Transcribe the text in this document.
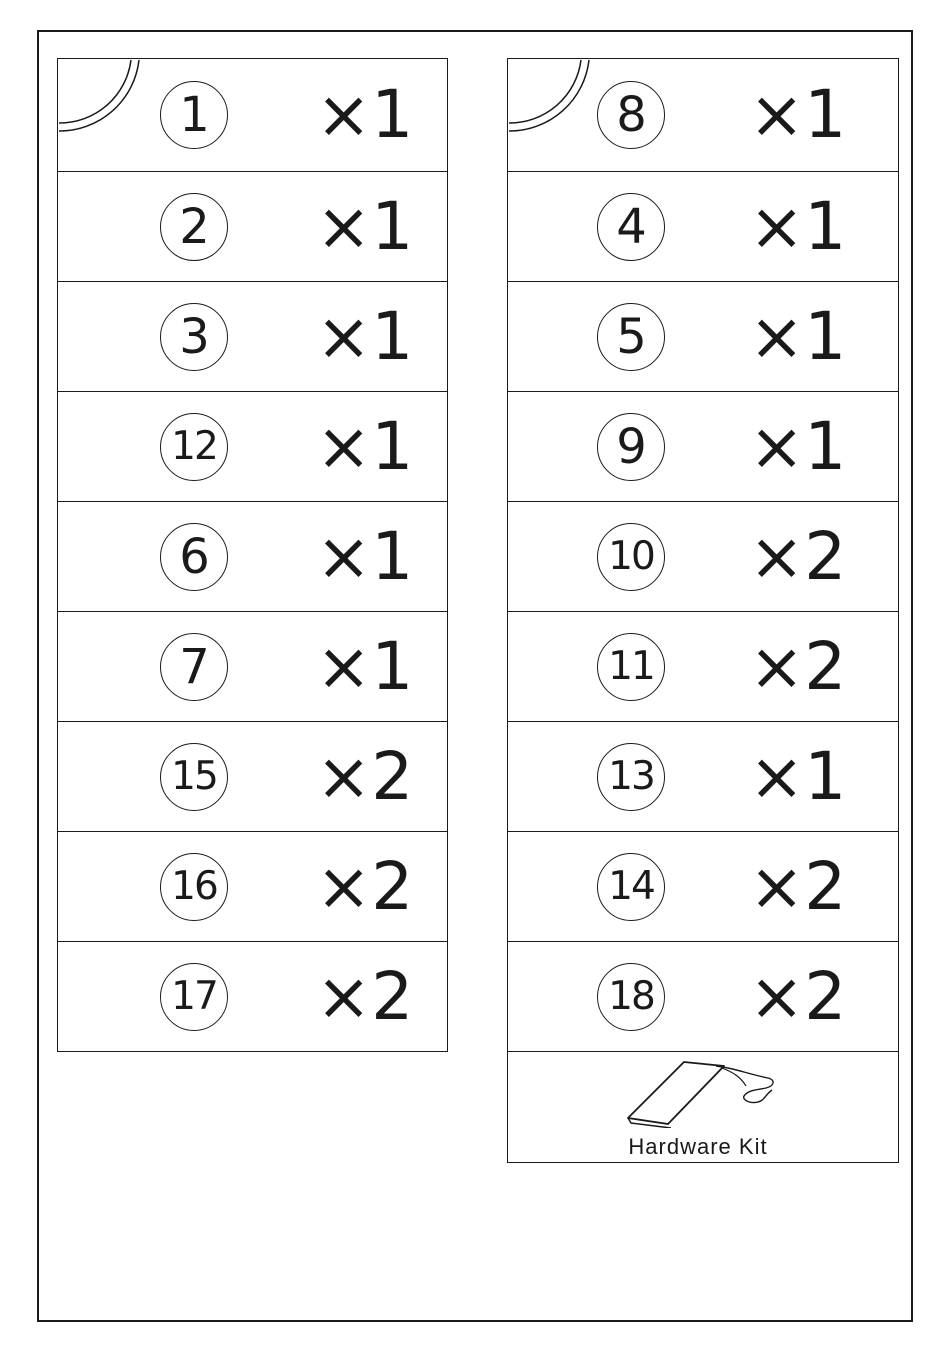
1 ×1
2 ×1
3 ×1
12 ×1
6 ×1
7 ×1
15 ×2
16 ×2
17 ×2
8 ×1
4 ×1
5 ×1
9 ×1
10 ×2
11 ×2
13 ×1
14 ×2
18 ×2
Hardware Kit
